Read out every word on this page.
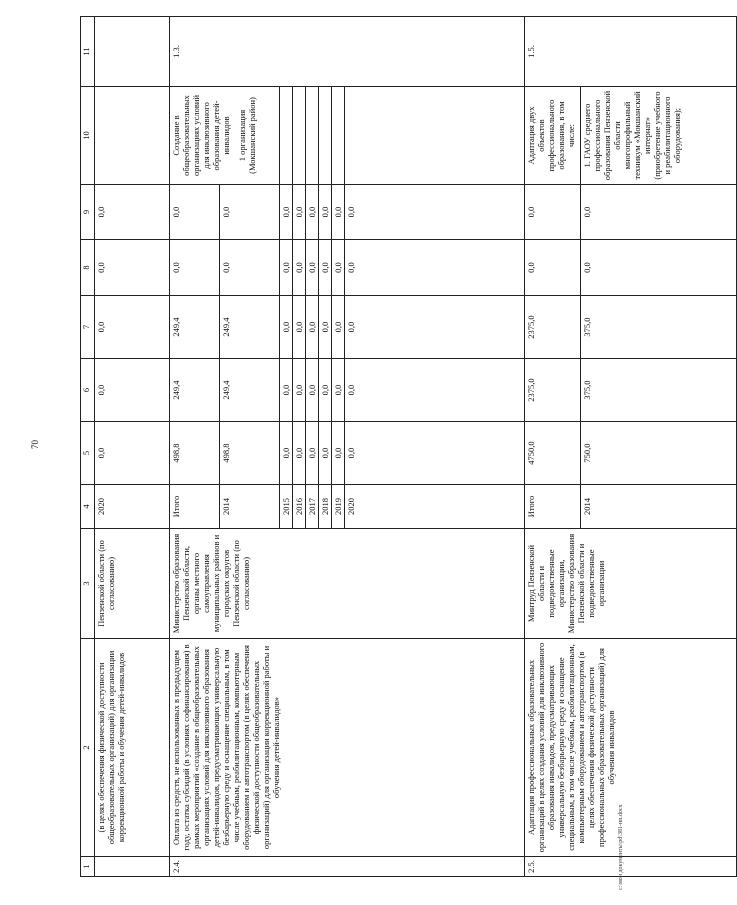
70
1	2	3	4	5	6	7	8	9	10	11
	(в целях обеспечения физической доступности общеобразовательных организаций) для организации коррекционной работы и обучения детей-инвалидов	Пензенской области (по согласованию)	2020	0,0	0,0	0,0	0,0	0,0		
2.4.	Оплата из средств, не использованных в предыдущем году, остатка субсидий (в условиях софинансирования) в рамках мероприятий «создание в общеобразовательных организациях условий для инклюзивного образования детей-инвалидов, предусматривающих универсальную безбарьерную среду и оснащение специальным, в том числе учебным, реабилитационным, компьютерным оборудованием и автотранспортом (в целях обеспечения физической доступности общеобразовательных организаций) для организации коррекционной работы и обучения детей-инвалидов»	Министерство образования Пензенской области, органы местного самоуправления муниципальных районов и городских округов Пензенской области (по согласованию)	Итого	498,8	249,4	249,4	0,0	0,0	Создание в общеобразовательных организациях условий для инклюзивного образования детей-инвалидов 1 организация (Мокшанский район)	1.3.
			2014	498,8	249,4	249,4	0,0	0,0		
			2015	0,0	0,0	0,0	0,0	0,0		
			2016	0,0	0,0	0,0	0,0	0,0		
			2017	0,0	0,0	0,0	0,0	0,0		
			2018	0,0	0,0	0,0	0,0	0,0		
			2019	0,0	0,0	0,0	0,0	0,0		
			2020	0,0	0,0	0,0	0,0	0,0		
2.5.	Адаптация профессиональных образовательных организаций в целях создания условий для инклюзивного образования инвалидов, предусматривающих универсальную безбарьерную среду и оснащение специальным, в том числе учебным, реабилитационным, компьютерным оборудованием и автотранспортом (в целях обеспечения физической доступности профессиональных образовательных организаций) для обучения инвалидов	Минтруд Пензенской области и подведомственные организации, Министерство образования Пензенской области и подведомственные организации	Итого	4750,0	2375,0	2375,0	0,0	0,0	Адаптация двух объектов профессионального образования, в том числе:	1.5.
			2014	750,0	375,0	375,0	0,0	0,0	1. ГАОУ среднего профессионального образования Пензенской области многопрофильный техникум «Мокшанский интернат» (приобретение учебного и реабилитационного оборудования);	
c:\мои документы\pd\381-нп.docx
